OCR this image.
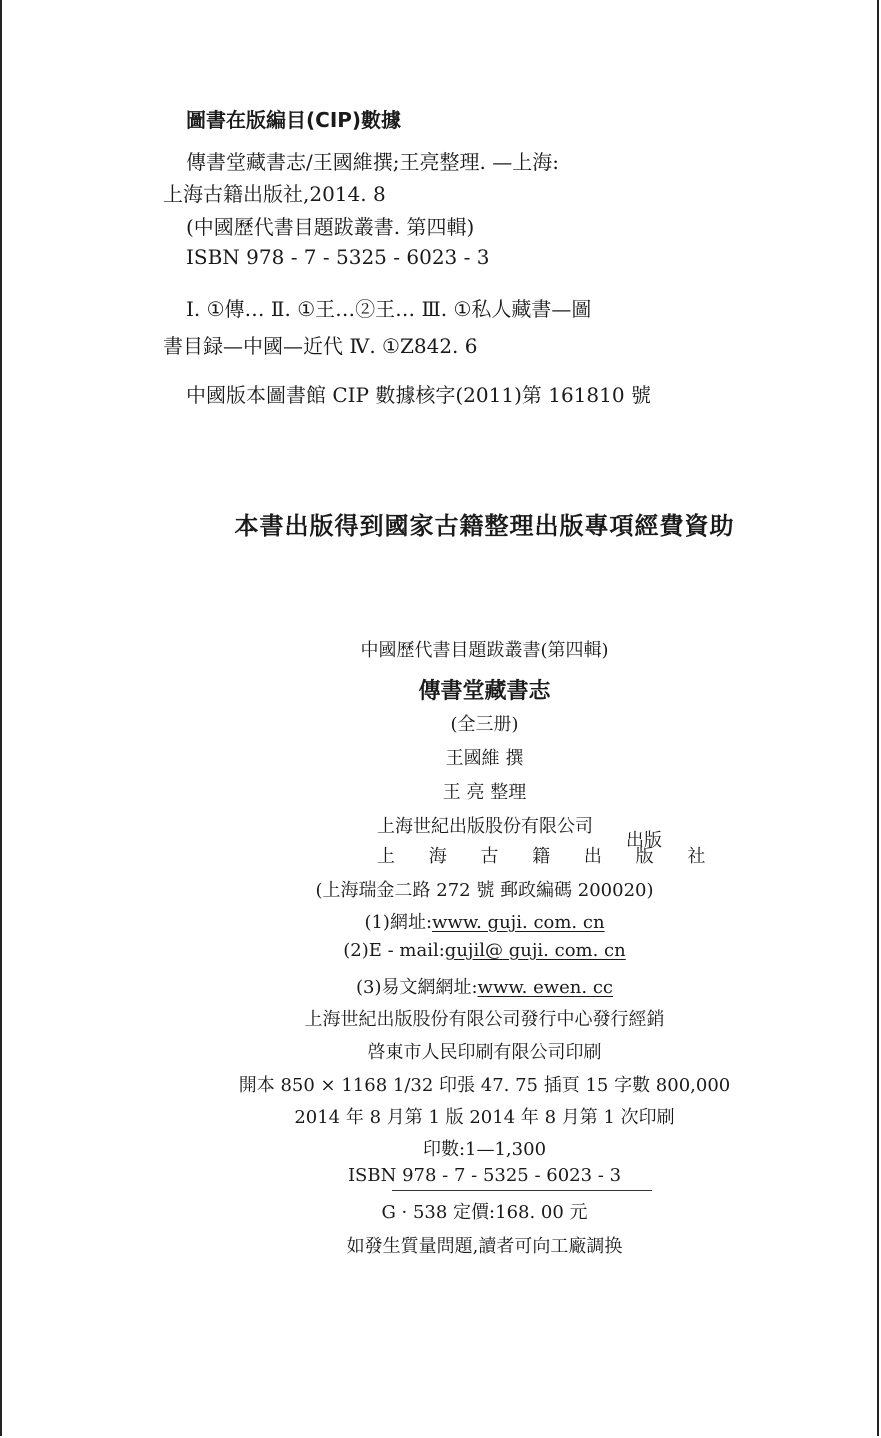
圖書在版編目(CIP)數據
傳書堂藏書志/王國維撰;王亮整理. —上海:
上海古籍出版社,2014. 8
(中國歷代書目題跋叢書. 第四輯)
ISBN 978 - 7 - 5325 - 6023 - 3
Ⅰ. ①傳… Ⅱ. ①王…②王… Ⅲ. ①私人藏書—圖
書目録—中國—近代 Ⅳ. ①Z842. 6
中國版本圖書館 CIP 數據核字(2011)第 161810 號
本書出版得到國家古籍整理出版專項經費資助
中國歷代書目題跋叢書(第四輯)
傳書堂藏書志
(全三册)
王國維 撰
王 亮 整理
上海世紀出版股份有限公司
上 海 古 籍 出 版 社
出版
(上海瑞金二路 272 號 郵政編碼 200020)
(1)網址:www. guji. com. cn
(2)E - mail:gujil@ guji. com. cn
(3)易文網網址:www. ewen. cc
上海世紀出版股份有限公司發行中心發行經銷
啓東市人民印刷有限公司印刷
開本 850 × 1168 1/32 印張 47. 75 插頁 15 字數 800,000
2014 年 8 月第 1 版 2014 年 8 月第 1 次印刷
印數:1—1,300
ISBN 978 - 7 - 5325 - 6023 - 3
G · 538 定價:168. 00 元
如發生質量問題,讀者可向工廠調换
